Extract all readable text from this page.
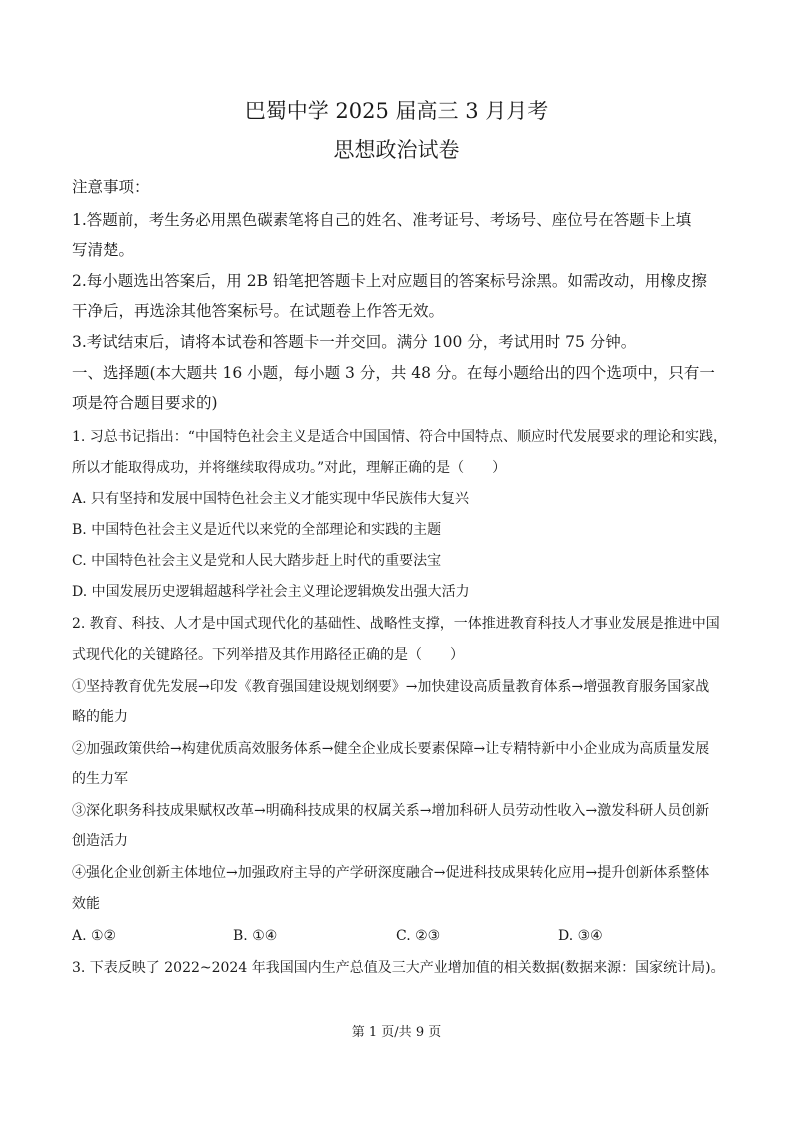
巴蜀中学 2025 届高三 3 月月考
思想政治试卷
注意事项：
1.答题前，考生务必用黑色碳素笔将自己的姓名、准考证号、考场号、座位号在答题卡上填
写清楚。
2.每小题选出答案后，用 2B 铅笔把答题卡上对应题目的答案标号涂黑。如需改动，用橡皮擦
干净后，再选涂其他答案标号。在试题卷上作答无效。
3.考试结束后，请将本试卷和答题卡一并交回。满分 100 分，考试用时 75 分钟。
一、选择题(本大题共 16 小题，每小题 3 分，共 48 分。在每小题给出的四个选项中，只有一
项是符合题目要求的)
1. 习总书记指出：“中国特色社会主义是适合中国国情、符合中国特点、顺应时代发展要求的理论和实践，
所以才能取得成功，并将继续取得成功。”对此，理解正确的是（　　）
A. 只有坚持和发展中国特色社会主义才能实现中华民族伟大复兴
B. 中国特色社会主义是近代以来党的全部理论和实践的主题
C. 中国特色社会主义是党和人民大踏步赶上时代的重要法宝
D. 中国发展历史逻辑超越科学社会主义理论逻辑焕发出强大活力
2. 教育、科技、人才是中国式现代化的基础性、战略性支撑，一体推进教育科技人才事业发展是推进中国
式现代化的关键路径。下列举措及其作用路径正确的是（　　）
①坚持教育优先发展→印发《教育强国建设规划纲要》→加快建设高质量教育体系→增强教育服务国家战
略的能力
②加强政策供给→构建优质高效服务体系→健全企业成长要素保障→让专精特新中小企业成为高质量发展
的生力军
③深化职务科技成果赋权改革→明确科技成果的权属关系→增加科研人员劳动性收入→激发科研人员创新
创造活力
④强化企业创新主体地位→加强政府主导的产学研深度融合→促进科技成果转化应用→提升创新体系整体
效能
A. ①②	B. ①④	C. ②③	D. ③④
3. 下表反映了 2022~2024 年我国国内生产总值及三大产业增加值的相关数据(数据来源：国家统计局)。
第 1 页/共 9 页
